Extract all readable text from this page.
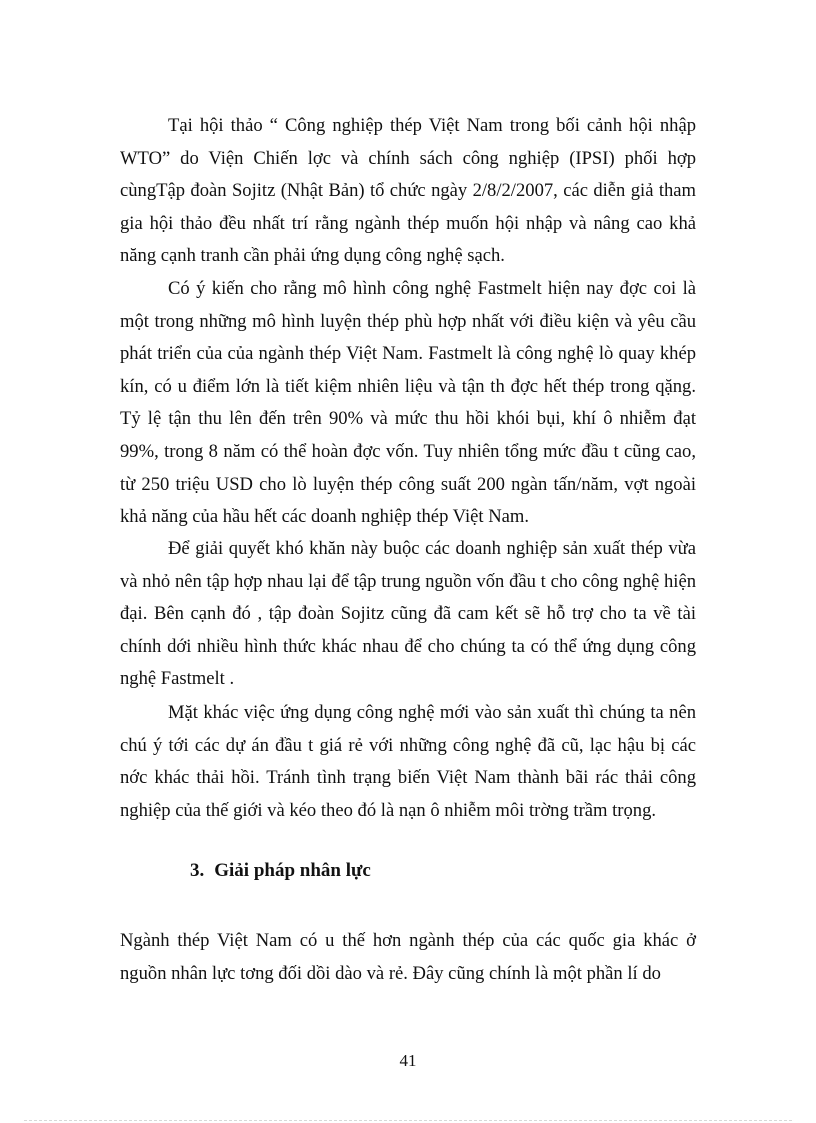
Tại hội thảo “ Công nghiệp thép Việt Nam trong bối cảnh hội nhập WTO” do Viện Chiến lợc và chính sách công nghiệp (IPSI) phối hợp cùngTập đoàn Sojitz (Nhật Bản) tổ chức ngày 2/8/2/2007, các diễn giả tham gia hội thảo đều nhất trí rằng ngành thép muốn hội nhập và nâng cao khả năng cạnh tranh cần phải ứng dụng công nghệ sạch.

Có ý kiến cho rằng mô hình công nghệ Fastmelt hiện nay đợc coi là một trong những mô hình luyện thép phù hợp nhất với điều kiện và yêu cầu phát triển của của ngành thép Việt Nam. Fastmelt là công nghệ lò quay khép kín, có u điểm lớn là tiết kiệm nhiên liệu và tận th đợc hết thép trong qặng. Tỷ lệ tận thu lên đến trên 90% và mức thu hồi khói bụi, khí ô nhiễm đạt 99%, trong 8 năm có thể hoàn đợc vốn. Tuy nhiên tổng mức đầu t cũng cao, từ 250 triệu USD cho lò luyện thép công suất 200 ngàn tấn/năm, vợt ngoài khả năng của hầu hết các doanh nghiệp thép Việt Nam.

Để giải quyết khó khăn này buộc các doanh nghiệp sản xuất thép vừa và nhỏ nên tập hợp nhau lại để tập trung nguồn vốn đầu t cho công nghệ hiện đại. Bên cạnh đó , tập đoàn Sojitz cũng đã cam kết sẽ hỗ trợ cho ta về tài chính dới nhiều hình thức khác nhau để cho chúng ta có thể ứng dụng công nghệ Fastmelt .

Mặt khác việc ứng dụng công nghệ mới vào sản xuất thì chúng ta nên chú ý tới các dự án đầu t giá rẻ với những công nghệ đã cũ, lạc hậu bị các nớc khác thải hồi. Tránh tình trạng biến Việt Nam thành bãi rác thải công nghiệp của thế giới và kéo theo đó là nạn ô nhiễm môi trờng trầm trọng.

3. Giải pháp nhân lực

Ngành thép Việt Nam có u thế hơn ngành thép của các quốc gia khác ở nguồn nhân lực tơng đối dồi dào và rẻ. Đây cũng chính là một phần lí do

41
